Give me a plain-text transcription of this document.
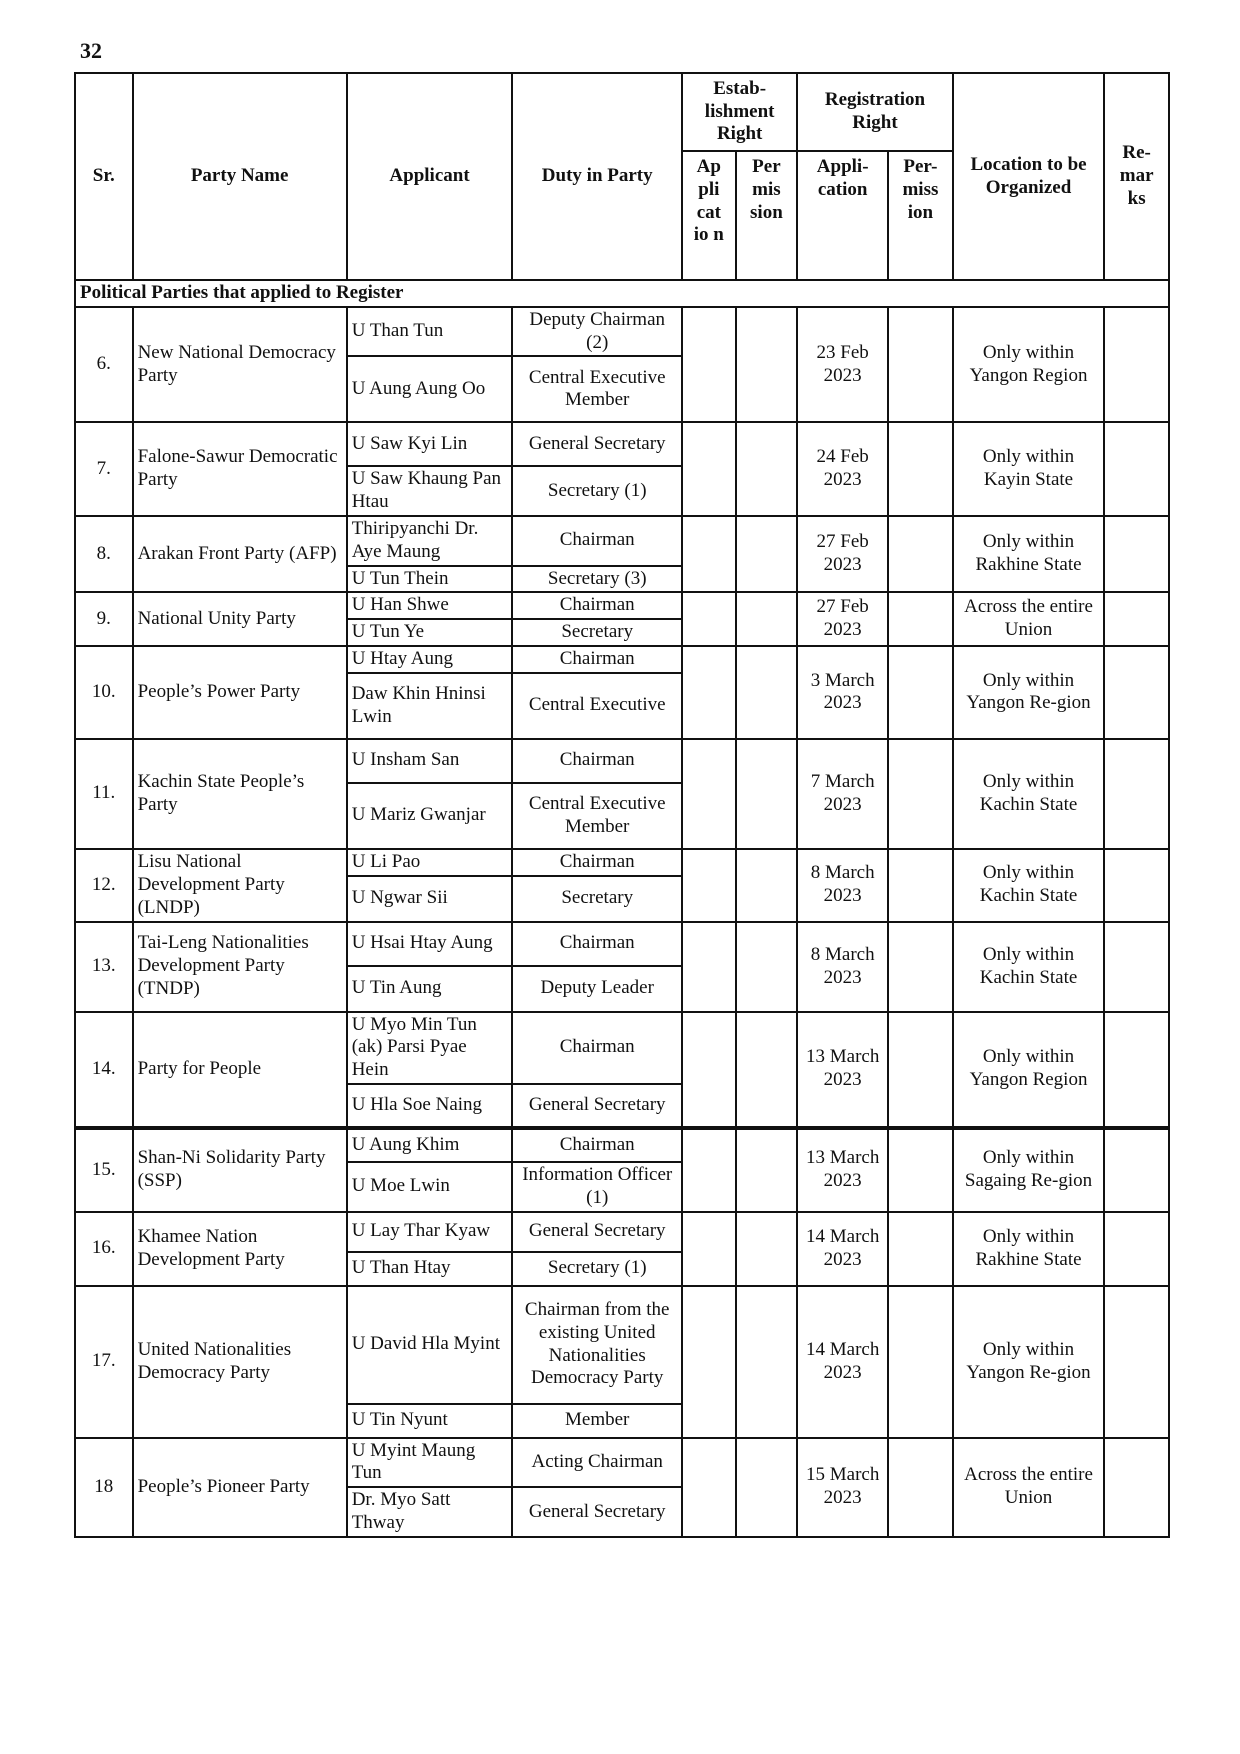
32
Sr.	Party Name	Applicant	Duty in Party	Estab-lishment Right		Registration Right		Location to be Organized	Re-mar ks
				Ap pli cat io n	Per mis sion	Appli-cation	Per-miss ion		
Political Parties that applied to Register									
6.	New National Democracy Party	U Than Tun	Deputy Chairman (2)			23 Feb 2023		Only within Yangon Region	
		U Aung Aung Oo	Central Executive Member						
7.	Falone-Sawur Democratic Party	U Saw Kyi Lin	General Secretary			24 Feb 2023		Only within Kayin State	
		U Saw Khaung Pan Htau	Secretary (1)						
8.	Arakan Front Party (AFP)	Thiripyanchi Dr. Aye Maung	Chairman			27 Feb 2023		Only within Rakhine State	
		U Tun Thein	Secretary (3)						
9.	National Unity Party	U Han Shwe	Chairman			27 Feb 2023		Across the entire Union	
		U Tun Ye	Secretary						
10.	People’s Power Party	U Htay Aung	Chairman			3 March 2023		Only within Yangon Re-gion	
		Daw Khin Hninsi Lwin	Central Executive						
11.	Kachin State People’s Party	U Insham San	Chairman			7 March 2023		Only within Kachin State	
		U Mariz Gwanjar	Central Executive Member						
12.	Lisu National Development Party (LNDP)	U Li Pao	Chairman			8 March 2023		Only within Kachin State	
		U Ngwar Sii	Secretary						
13.	Tai-Leng Nationalities Development Party (TNDP)	U Hsai Htay Aung	Chairman			8 March 2023		Only within Kachin State	
		U Tin Aung	Deputy Leader						
14.	Party for People	U Myo Min Tun (ak) Parsi Pyae Hein	Chairman			13 March 2023		Only within Yangon Region	
		U Hla Soe Naing	General Secretary						
15.	Shan-Ni Solidarity Party (SSP)	U Aung Khim	Chairman			13 March 2023		Only within Sagaing Re-gion	
		U Moe Lwin	Information Officer (1)						
16.	Khamee Nation Development Party	U Lay Thar Kyaw	General Secretary			14 March 2023		Only within Rakhine State	
		U Than Htay	Secretary (1)						
17.	United Nationalities Democracy Party	U David Hla Myint	Chairman from the existing United Nationalities Democracy Party			14 March 2023		Only within Yangon Re-gion	
		U Tin Nyunt	Member						
18	People’s Pioneer Party	U Myint Maung Tun	Acting Chairman			15 March 2023		Across the entire Union	
		Dr. Myo Satt Thway	General Secretary						
